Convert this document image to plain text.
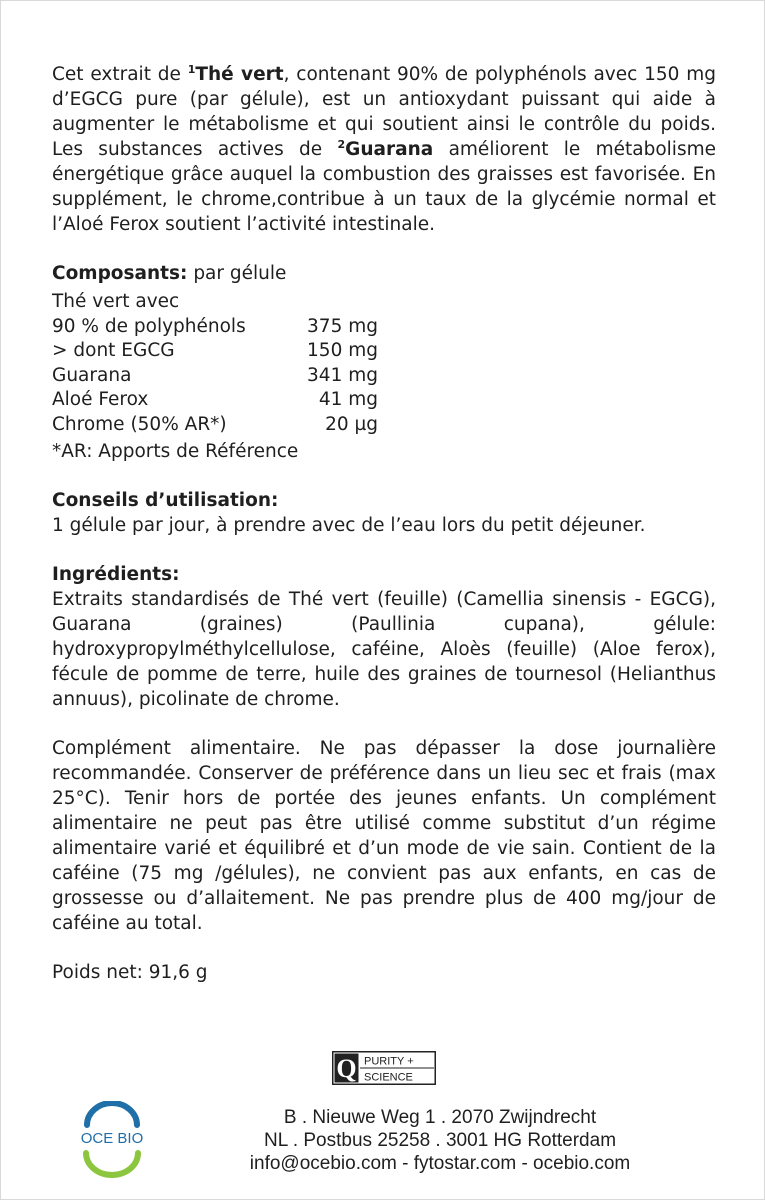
Cet extrait de $^1$Thé vert, contenant 90% de polyphénols avec 150 mg d’EGCG pure (par gélule), est un antioxydant puissant qui aide à augmenter le métabolisme et qui soutient ainsi le contrôle du poids. Les substances actives de $^2$Guarana améliorent le métabolisme énergétique grâce auquel la combustion des graisses est favorisée. En supplément, le chrome,contribue à un taux de la glycémie normal et l’Aloé Ferox soutient l’activité intestinale.

Composants: par gélule

Thé vert avec	
90 % de polyphénols	375 mg
> dont EGCG	150 mg
Guarana	341 mg
Aloé Ferox	41 mg
Chrome (50% AR*)	20 µg
*AR: Apports de Référence

Conseils d’utilisation:

1 gélule par jour, à prendre avec de l’eau lors du petit déjeuner.

Ingrédients:

Extraits standardisés de Thé vert (feuille) (Camellia sinensis - EGCG), Guarana (graines) (Paullinia cupana), gélule: hydroxypropylméthylcellulose, caféine, Aloès (feuille) (Aloe ferox), fécule de pomme de terre, huile des graines de tournesol (Helianthus annuus), picolinate de chrome.

Complément alimentaire. Ne pas dépasser la dose journalière recommandée. Conserver de préférence dans un lieu sec et frais (max 25°C). Tenir hors de portée des jeunes enfants. Un complément alimentaire ne peut pas être utilisé comme substitut d’un régime alimentaire varié et équilibré et d’un mode de vie sain. Contient de la caféine (75 mg /gélules), ne convient pas aux enfants, en cas de grossesse ou d’allaitement. Ne pas prendre plus de 400 mg/jour de caféine au total.

Poids net: 91,6 g

Q PURITY +
SCIENCE
OCE BIO
B . Nieuwe Weg 1 . 2070 Zwijndrecht
NL . Postbus 25258 . 3001 HG Rotterdam
info@ocebio.com - fytostar.com - ocebio.com
